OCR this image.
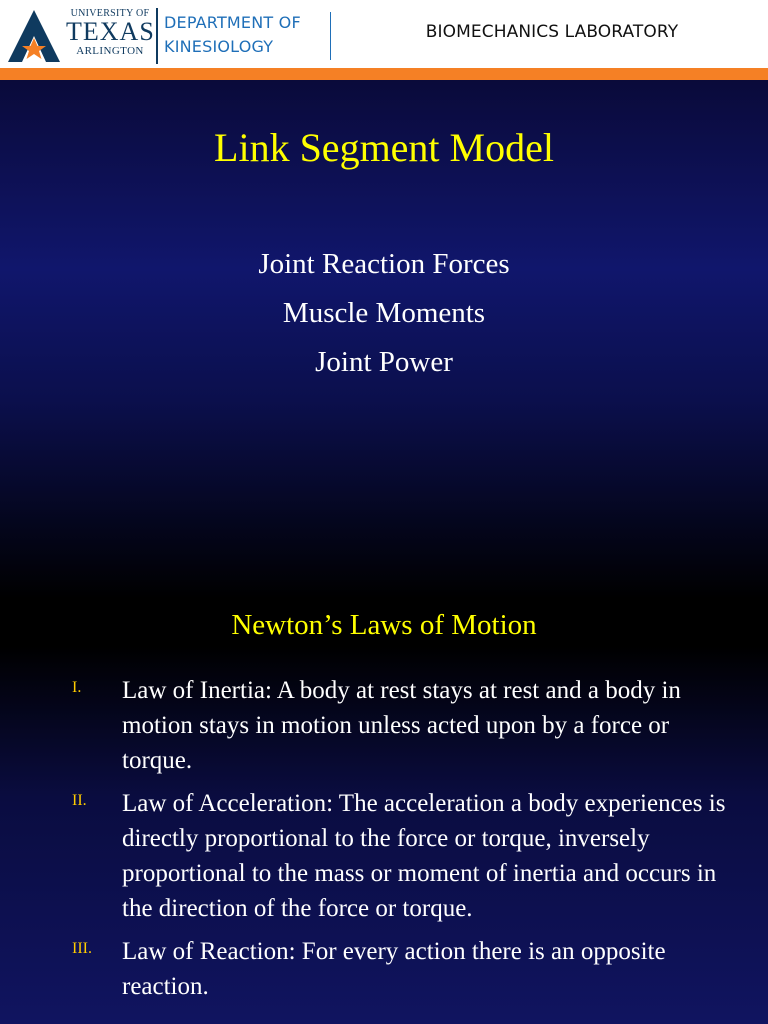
UNIVERSITY OF
TEXAS
ARLINGTON
DEPARTMENT OF
KINESIOLOGY
BIOMECHANICS LABORATORY
Link Segment Model
Joint Reaction Forces
Muscle Moments
Joint Power
Newton’s Laws of Motion
I. Law of Inertia: A body at rest stays at rest and a body in motion stays in motion unless acted upon by a force or torque.
II. Law of Acceleration: The acceleration a body experiences is directly proportional to the force or torque, inversely proportional to the mass or moment of inertia and occurs in the direction of the force or torque.
III. Law of Reaction: For every action there is an opposite reaction.
